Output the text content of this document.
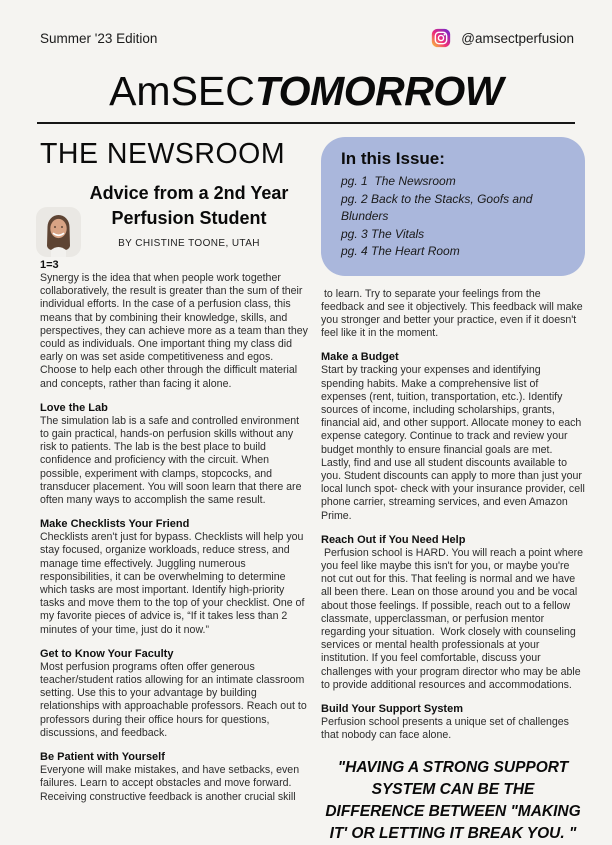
Summer '23 Edition	@amsectperfusion
AmSECTOMORROW
THE NEWSROOM
Advice from a 2nd Year
Perfusion Student
BY CHISTINE TOONE, UTAH
1=3

Synergy is the idea that when people work together collaboratively, the result is greater than the sum of their individual efforts. In the case of a perfusion class, this means that by combining their knowledge, skills, and perspectives, they can achieve more as a team than they could as individuals. One important thing my class did early on was set aside competitiveness and egos. Choose to help each other through the difficult material and concepts, rather than facing it alone.

Love the Lab

The simulation lab is a safe and controlled environment to gain practical, hands-on perfusion skills without any risk to patients. The lab is the best place to build confidence and proficiency with the circuit. When possible, experiment with clamps, stopcocks, and transducer placement. You will soon learn that there are often many ways to accomplish the same result.

Make Checklists Your Friend

Checklists aren't just for bypass. Checklists will help you stay focused, organize workloads, reduce stress, and manage time effectively. Juggling numerous responsibilities, it can be overwhelming to determine which tasks are most important. Identify high-priority tasks and move them to the top of your checklist. One of my favorite pieces of advice is, “If it takes less than 2 minutes of your time, just do it now.”

Get to Know Your Faculty

Most perfusion programs often offer generous teacher/student ratios allowing for an intimate classroom setting. Use this to your advantage by building relationships with approachable professors. Reach out to professors during their office hours for questions, discussions, and feedback.

Be Patient with Yourself

Everyone will make mistakes, and have setbacks, even failures. Learn to accept obstacles and move forward. Receiving constructive feedback is another crucial skill

In this Issue:
pg. 1  The Newsroom
pg. 2 Back to the Stacks, Goofs and Blunders
pg. 3 The Vitals
pg. 4 The Heart Room

to learn. Try to separate your feelings from the feedback and see it objectively. This feedback will make you stronger and better your practice, even if it doesn't feel like it in the moment.

Make a Budget

Start by tracking your expenses and identifying spending habits. Make a comprehensive list of expenses (rent, tuition, transportation, etc.). Identify sources of income, including scholarships, grants, financial aid, and other support. Allocate money to each expense category. Continue to track and review your budget monthly to ensure financial goals are met. Lastly, find and use all student discounts available to you. Student discounts can apply to more than just your local lunch spot- check with your insurance provider, cell phone carrier, streaming services, and even Amazon Prime.

Reach Out if You Need Help

Perfusion school is HARD. You will reach a point where you feel like maybe this isn't for you, or maybe you're not cut out for this. That feeling is normal and we have all been there. Lean on those around you and be vocal about those feelings. If possible, reach out to a fellow classmate, upperclassman, or perfusion mentor regarding your situation.  Work closely with counseling services or mental health professionals at your institution. If you feel comfortable, discuss your challenges with your program director who may be able to provide additional resources and accommodations.

Build Your Support System

Perfusion school presents a unique set of challenges that nobody can face alone.

"HAVING A STRONG SUPPORT SYSTEM CAN BE THE DIFFERENCE BETWEEN "MAKING IT' OR LETTING IT BREAK YOU. "
